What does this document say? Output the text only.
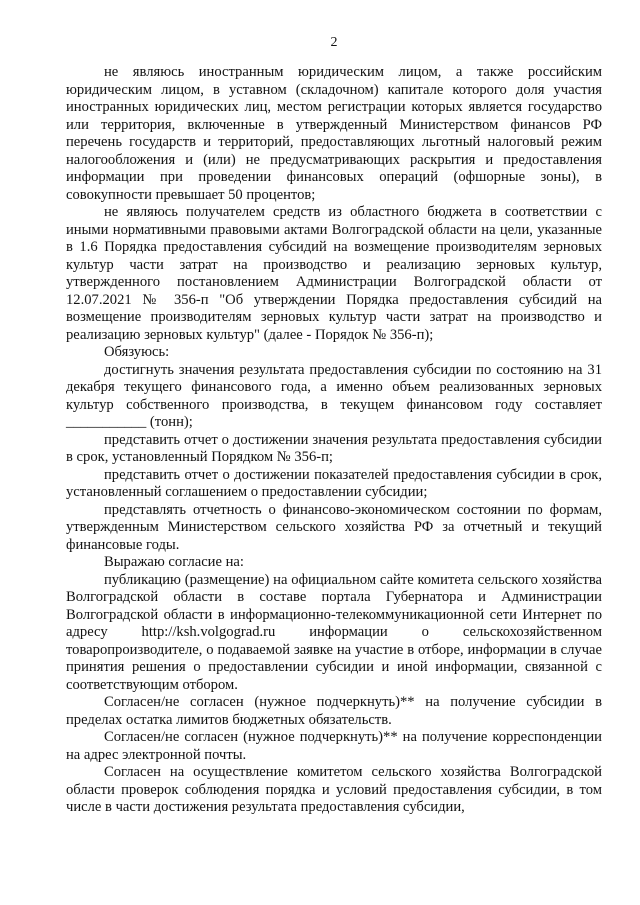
2

не являюсь иностранным юридическим лицом, а также российским юридическим лицом, в уставном (складочном) капитале которого доля участия иностранных юридических лиц, местом регистрации которых является государство или территория, включенные в утвержденный Министерством финансов РФ перечень государств и территорий, предоставляющих льготный налоговый режим налогообложения и (или) не предусматривающих раскрытия и предоставления информации при проведении финансовых операций (офшорные зоны), в совокупности превышает 50 процентов;

не являюсь получателем средств из областного бюджета в соответствии с иными нормативными правовыми актами Волгоградской области на цели, указанные в 1.6 Порядка предоставления субсидий на возмещение производителям зерновых культур части затрат на производство и реализацию зерновых культур, утвержденного постановлением Администрации Волгоградской области от 12.07.2021 № 356-п "Об утверждении Порядка предоставления субсидий на возмещение производителям зерновых культур части затрат на производство и реализацию зерновых культур" (далее - Порядок № 356-п);

Обязуюсь:

достигнуть значения результата предоставления субсидии по состоянию на 31 декабря текущего финансового года, а именно объем реализованных зерновых культур собственного производства, в текущем финансовом году составляет ___________ (тонн);

представить отчет о достижении значения результата предоставления субсидии в срок, установленный Порядком № 356-п;

представить отчет о достижении показателей предоставления субсидии в срок, установленный соглашением о предоставлении субсидии;

представлять отчетность о финансово-экономическом состоянии по формам, утвержденным Министерством сельского хозяйства РФ за отчетный и текущий финансовые годы.

Выражаю согласие на:

публикацию (размещение) на официальном сайте комитета сельского хозяйства Волгоградской области в составе портала Губернатора и Администрации Волгоградской области в информационно-телекоммуникационной сети Интернет по адресу http://ksh.volgograd.ru информации о сельскохозяйственном товаропроизводителе, о подаваемой заявке на участие в отборе, информации в случае принятия решения о предоставлении субсидии и иной информации, связанной с соответствующим отбором.

Согласен/не согласен (нужное подчеркнуть)** на получение субсидии в пределах остатка лимитов бюджетных обязательств.

Согласен/не согласен (нужное подчеркнуть)** на получение корреспонденции на адрес электронной почты.

Согласен на осуществление комитетом сельского хозяйства Волгоградской области проверок соблюдения порядка и условий предоставления субсидии, в том числе в части достижения результата предоставления субсидии,
